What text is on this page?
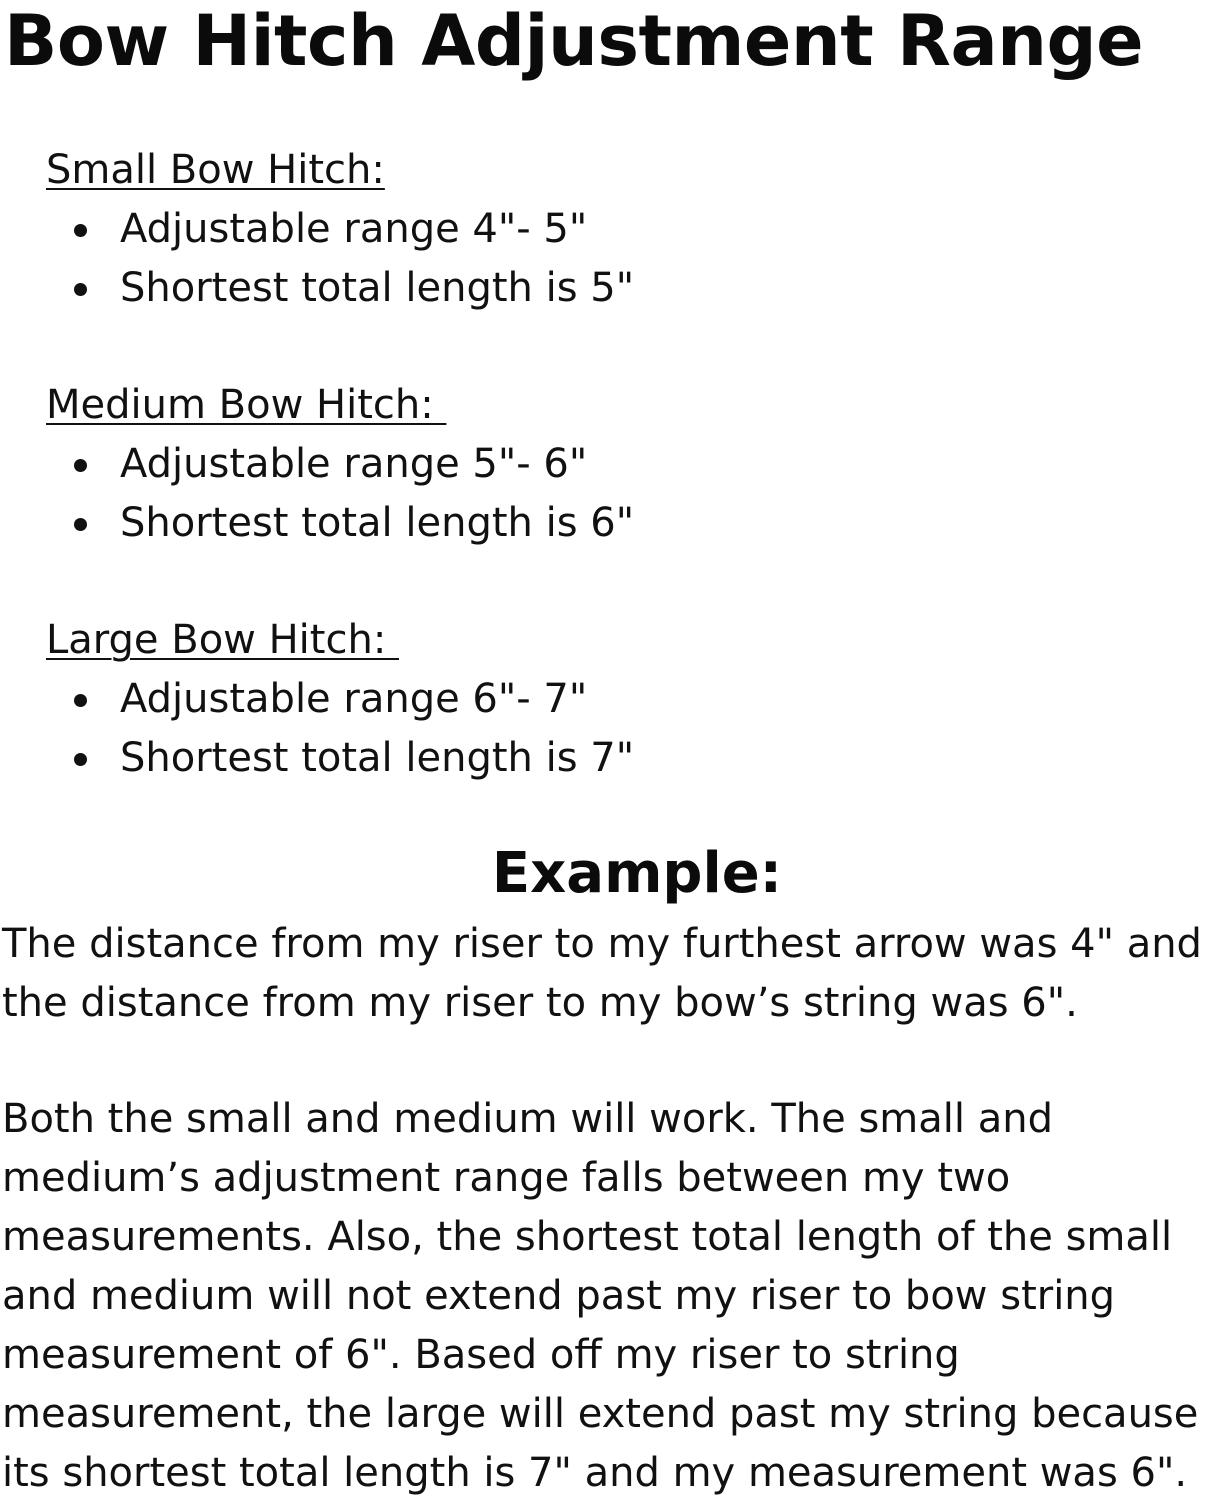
Bow Hitch Adjustment Range
Small Bow Hitch:
Adjustable range 4"- 5"
Shortest total length is 5"
Medium Bow Hitch:
Adjustable range 5"- 6"
Shortest total length is 6"
Large Bow Hitch:
Adjustable range 6"- 7"
Shortest total length is 7"
Example:

The distance from my riser to my furthest arrow was 4" and
the distance from my riser to my bow’s string was 6".

Both the small and medium will work. The small and
medium’s adjustment range falls between my two
measurements. Also, the shortest total length of the small
and medium will not extend past my riser to bow string
measurement of 6". Based off my riser to string
measurement, the large will extend past my string because
its shortest total length is 7" and my measurement was 6".
